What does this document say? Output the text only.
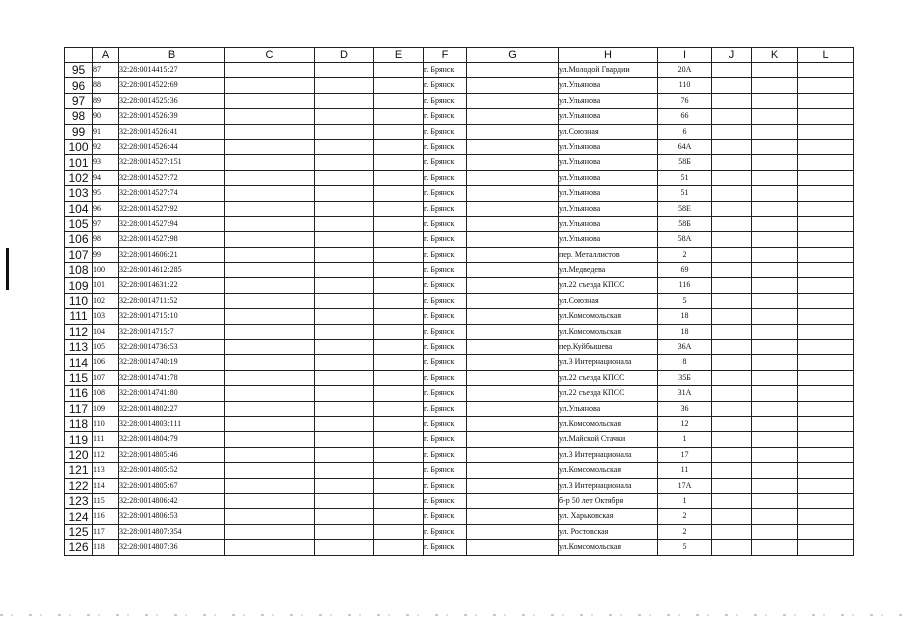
	A	B	C	D	E	F	G	H	I	J	K	L
95	87	32:28:0014415:27				г. Брянск		ул.Молодой Гвардии	20А			
96	88	32:28:0014522:69				г. Брянск		ул.Ульянова	110			
97	89	32:28:0014525:36				г. Брянск		ул.Ульянова	76			
98	90	32:28:0014526:39				г. Брянск		ул.Ульянова	66			
99	91	32:28:0014526:41				г. Брянск		ул.Союзная	6			
100	92	32:28:0014526:44				г. Брянск		ул.Ульянова	64А			
101	93	32:28:0014527:151				г. Брянск		ул.Ульянова	58Б			
102	94	32:28:0014527:72				г. Брянск		ул.Ульянова	51			
103	95	32:28:0014527:74				г. Брянск		ул.Ульянова	51			
104	96	32:28:0014527:92				г. Брянск		ул.Ульянова	58Е			
105	97	32:28:0014527:94				г. Брянск		ул.Ульянова	58Б			
106	98	32:28:0014527:98				г. Брянск		ул.Ульянова	58А			
107	99	32:28:0014606:21				г. Брянск		пер. Металлистов	2			
108	100	32:28:0014612:285				г. Брянск		ул.Медведева	69			
109	101	32:28:0014631:22				г. Брянск		ул.22 съезда КПСС	116			
110	102	32:28:0014711:52				г. Брянск		ул.Союзная	5			
111	103	32:28:0014715:10				г. Брянск		ул.Комсомольская	18			
112	104	32:28:0014715:7				г. Брянск		ул.Комсомольская	18			
113	105	32:28:0014736:53				г. Брянск		пер.Куйбышева	36А			
114	106	32:28:0014740:19				г. Брянск		ул.3 Интернационала	8			
115	107	32:28:0014741:78				г. Брянск		ул.22 съезда КПСС	35Б			
116	108	32:28:0014741:80				г. Брянск		ул.22 съезда КПСС	31А			
117	109	32:28:0014802:27				г. Брянск		ул.Ульянова	36			
118	110	32:28:0014803:111				г. Брянск		ул.Комсомольская	12			
119	111	32:28:0014804:79				г. Брянск		ул.Майской Стачки	1			
120	112	32:28:0014805:46				г. Брянск		ул.3 Интернационала	17			
121	113	32:28:0014805:52				г. Брянск		ул.Комсомольская	11			
122	114	32:28:0014805:67				г. Брянск		ул.3 Интернационала	17А			
123	115	32:28:0014806:42				г. Брянск		б-р 50 лет Октября	1			
124	116	32:28:0014806:53				г. Брянск		ул. Харьковская	2			
125	117	32:28:0014807:354				г. Брянск		ул. Ростовская	2			
126	118	32:28:0014807:36				г. Брянск		ул.Комсомольская	5			
